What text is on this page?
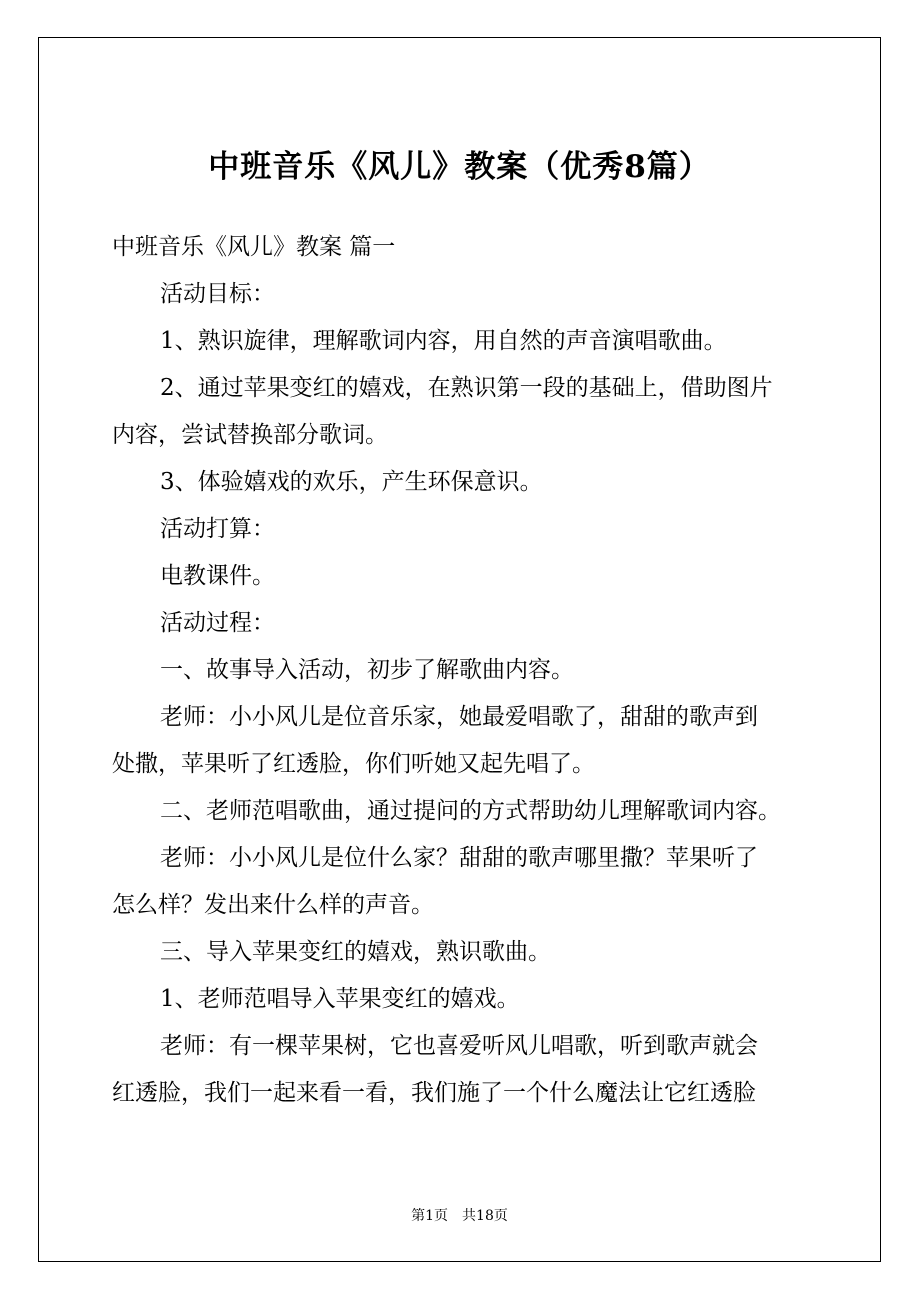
中班音乐《风儿》教案（优秀8篇）
中班音乐《风儿》教案 篇一
活动目标：
1、熟识旋律，理解歌词内容，用自然的声音演唱歌曲。
2、通过苹果变红的嬉戏，在熟识第一段的基础上，借助图片
内容，尝试替换部分歌词。
3、体验嬉戏的欢乐，产生环保意识。
活动打算：
电教课件。
活动过程：
一、故事导入活动，初步了解歌曲内容。
老师：小小风儿是位音乐家，她最爱唱歌了，甜甜的歌声到
处撒，苹果听了红透脸，你们听她又起先唱了。
二、老师范唱歌曲，通过提问的方式帮助幼儿理解歌词内容。
老师：小小风儿是位什么家？甜甜的歌声哪里撒？苹果听了
怎么样？发出来什么样的声音。
三、导入苹果变红的嬉戏，熟识歌曲。
1、老师范唱导入苹果变红的嬉戏。
老师：有一棵苹果树，它也喜爱听风儿唱歌，听到歌声就会
红透脸，我们一起来看一看，我们施了一个什么魔法让它红透脸
第1页 共18页
